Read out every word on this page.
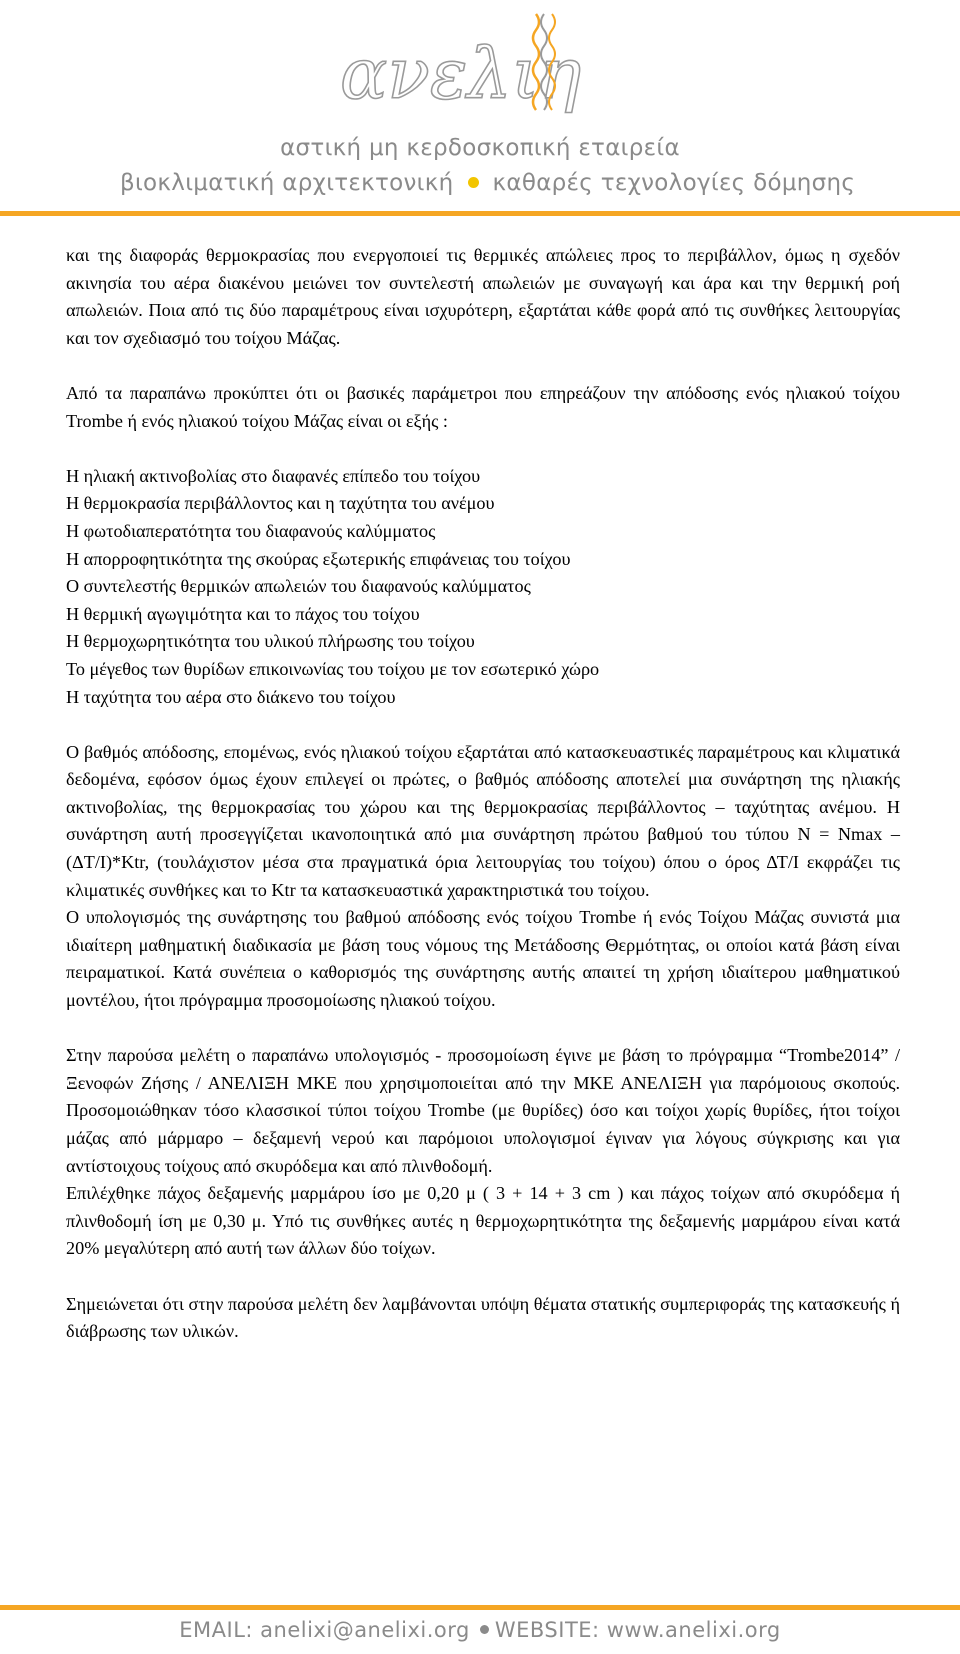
ανελιη
αστική μη κερδοσκοπική εταιρεία
βιοκλιματική αρχιτεκτονική καθαρές τεχνολογίες δόμησης

και της διαφοράς θερμοκρασίας που ενεργοποιεί τις θερμικές απώλειες προς το περιβάλλον, όμως η σχεδόν ακινησία του αέρα διακένου μειώνει τον συντελεστή απωλειών με συναγωγή και άρα και την θερμική ροή απωλειών. Ποια από τις δύο παραμέτρους είναι ισχυρότερη, εξαρτάται κάθε φορά από τις συνθήκες λειτουργίας και τον σχεδιασμό του τοίχου Μάζας.

Από τα παραπάνω προκύπτει ότι οι βασικές παράμετροι που επηρεάζουν την απόδοσης ενός ηλιακού τοίχου Trombe ή ενός ηλιακού τοίχου Μάζας είναι οι εξής :

Η ηλιακή ακτινοβολίας στο διαφανές επίπεδο του τοίχου
Η θερμοκρασία περιβάλλοντος και η ταχύτητα του ανέμου
Η φωτοδιαπερατότητα του διαφανούς καλύμματος
Η απορροφητικότητα της σκούρας εξωτερικής επιφάνειας του τοίχου
Ο συντελεστής θερμικών απωλειών του διαφανούς καλύμματος
Η θερμική αγωγιμότητα και το πάχος του τοίχου
Η θερμοχωρητικότητα του υλικού πλήρωσης του τοίχου
Το μέγεθος των θυρίδων επικοινωνίας του τοίχου με τον εσωτερικό χώρο
Η ταχύτητα του αέρα στο διάκενο του τοίχου

Ο βαθμός απόδοσης, επομένως, ενός ηλιακού τοίχου εξαρτάται από κατασκευαστικές παραμέτρους και κλιματικά δεδομένα, εφόσον όμως έχουν επιλεγεί οι πρώτες, ο βαθμός απόδοσης αποτελεί μια συνάρτηση της ηλιακής ακτινοβολίας, της θερμοκρασίας του χώρου και της θερμοκρασίας περιβάλλοντος – ταχύτητας ανέμου. Η συνάρτηση αυτή προσεγγίζεται ικανοποιητικά από μια συνάρτηση πρώτου βαθμού του τύπου N = Nmax – (ΔT/I)*Ktr, (τουλάχιστον μέσα στα πραγματικά όρια λειτουργίας του τοίχου) όπου ο όρος ΔΤ/Ι εκφράζει τις κλιματικές συνθήκες και το Ktr τα κατασκευαστικά χαρακτηριστικά του τοίχου.

Ο υπολογισμός της συνάρτησης του βαθμού απόδοσης ενός τοίχου Trombe ή ενός Τοίχου Μάζας συνιστά μια ιδιαίτερη μαθηματική διαδικασία με βάση τους νόμους της Μετάδοσης Θερμότητας, οι οποίοι κατά βάση είναι πειραματικοί. Κατά συνέπεια ο καθορισμός της συνάρτησης αυτής απαιτεί τη χρήση ιδιαίτερου μαθηματικού μοντέλου, ήτοι πρόγραμμα προσομοίωσης ηλιακού τοίχου.

Στην παρούσα μελέτη ο παραπάνω υπολογισμός - προσομοίωση έγινε με βάση το πρόγραμμα “Trombe2014” / Ξενοφών Ζήσης / ΑΝΕΛΙΞΗ ΜΚΕ που χρησιμοποιείται από την ΜΚΕ ΑΝΕΛΙΞΗ για παρόμοιους σκοπούς. Προσομοιώθηκαν τόσο κλασσικοί τύποι τοίχου Trombe (με θυρίδες) όσο και τοίχοι χωρίς θυρίδες, ήτοι τοίχοι μάζας από μάρμαρο – δεξαμενή νερού και παρόμοιοι υπολογισμοί έγιναν για λόγους σύγκρισης και για αντίστοιχους τοίχους από σκυρόδεμα και από πλινθοδομή.

Επιλέχθηκε πάχος δεξαμενής μαρμάρου ίσο με 0,20 μ ( 3 + 14 + 3 cm ) και πάχος τοίχων από σκυρόδεμα ή πλινθοδομή ίση με 0,30 μ. Υπό τις συνθήκες αυτές η θερμοχωρητικότητα της δεξαμενής μαρμάρου είναι κατά 20% μεγαλύτερη από αυτή των άλλων δύο τοίχων.

Σημειώνεται ότι στην παρούσα μελέτη δεν λαμβάνονται υπόψη θέματα στατικής συμπεριφοράς της κατασκευής ή διάβρωσης των υλικών.

EMAIL: anelixi@anelixi.org WEBSITE: www.anelixi.org
